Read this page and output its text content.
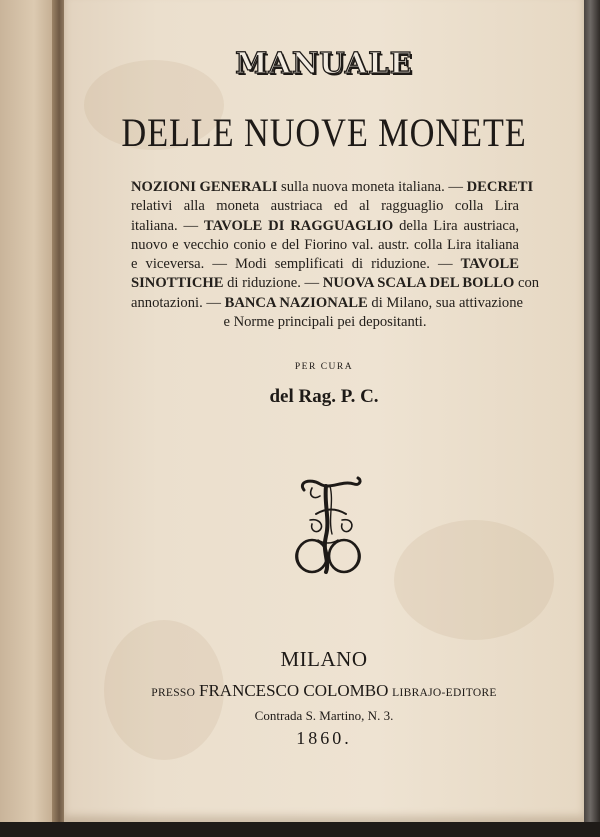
MANUALE
DELLE NUOVE MONETE
NOZIONI GENERALI sulla nuova moneta italiana. — DECRETI
relativi alla moneta austriaca ed al ragguaglio colla Lira
italiana. — TAVOLE DI RAGGUAGLIO della Lira austriaca,
nuovo e vecchio conio e del Fiorino val. austr. colla Lira italiana
e viceversa. — Modi semplificati di riduzione. — TAVOLE
SINOTTICHE di riduzione. — NUOVA SCALA DEL BOLLO con
annotazioni. — BANCA NAZIONALE di Milano, sua attivazione
e Norme principali pei depositanti.
PER CURA
del Rag. P. C.
MILANO
PRESSO FRANCESCO COLOMBO LIBRAJO-EDITORE
Contrada S. Martino, N. 3.
1860.
